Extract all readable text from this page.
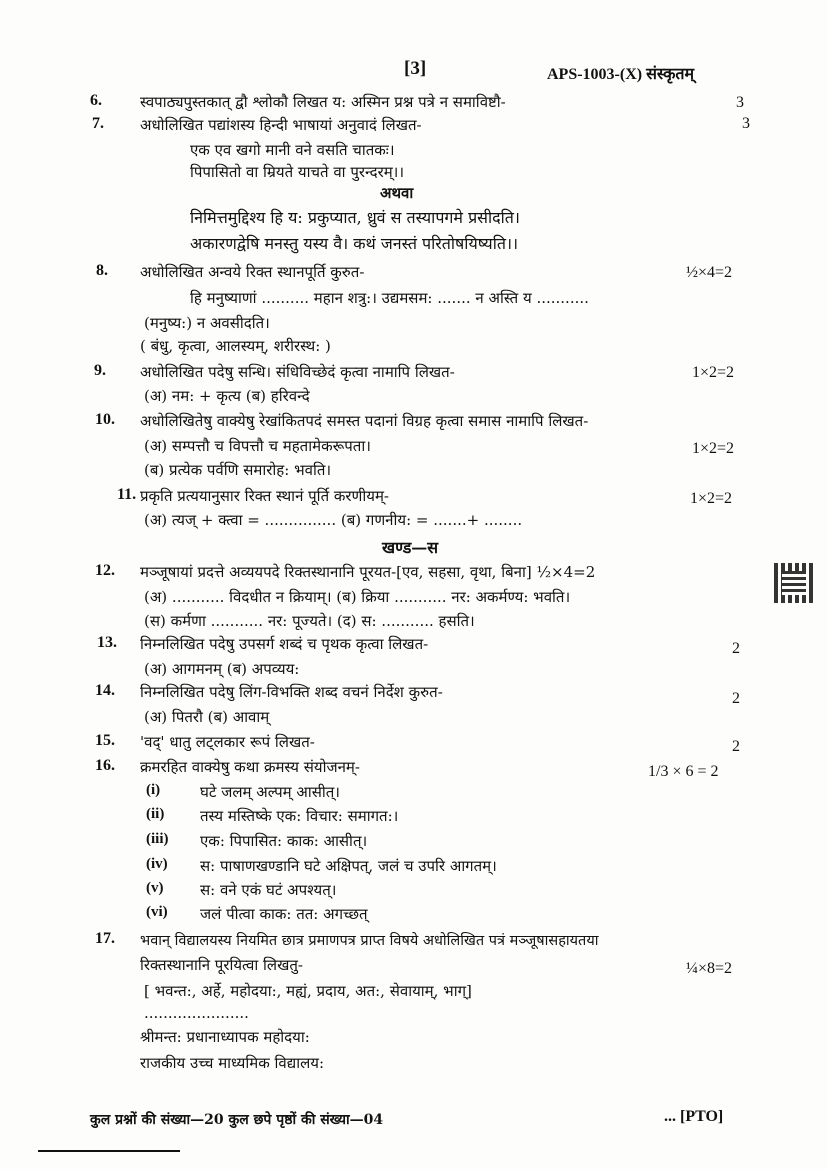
[3]	APS-1003-(X) संस्कृतम्
6.	स्वपाठ्यपुस्तकात् द्वौ श्लोकौ लिखत य: अस्मिन प्रश्न पत्रे न समाविष्टौ-	3
7. अधोलिखित पद्यांशस्य हिन्दी भाषायां अनुवादं लिखत-	3
एक एव खगो मानी वने वसति चातकः।
पिपासितो वा म्रियते याचते वा पुरन्दरम्।।
अथवा
निमित्तमुद्दिश्य हि य: प्रकुप्यात, ध्रुवं स तस्यापगमे प्रसीदति।
अकारणद्वेषि मनस्तु यस्य वै। कथं जनस्तं परितोषयिष्यति।।
8. अधोलिखित अन्वये रिक्त स्थानपूर्ति कुरुत-	½×4=2
हि मनुष्याणां .......... महान शत्रु:। उद्यमसम: ....... न अस्ति य ...........
(मनुष्य:) न अवसीदति।
( बंधु, कृत्वा, आलस्यम्, शरीरस्थ: )
9. अधोलिखित पदेषु सन्धि। संधिविच्छेदं कृत्वा नामापि लिखत-	1×2=2
(अ) नम: + कृत्य (ब) हरिवन्दे
10. अधोलिखितेषु वाक्येषु रेखांकितपदं समस्त पदानां विग्रह कृत्वा समास नामापि लिखत-
1×2=2
(अ) सम्पत्तौ च विपत्तौ च महतामेकरूपता।
(ब) प्रत्येक पर्वणि समारोह: भवति।
11. प्रकृति प्रत्ययानुसार रिक्त स्थानं पूर्ति करणीयम्-	1×2=2
(अ) त्यज् + क्त्वा = ............... (ब) गणनीय: = .......+ ........
खण्ड—स
12. मञ्जूषायां प्रदत्ते अव्ययपदे रिक्तस्थानानि पूरयत-[एव, सहसा, वृथा, बिना] ½×4=2
(अ) ........... विदधीत न क्रियाम्। (ब) क्रिया ........... नर: अकर्मण्य: भवति।
(स) कर्मणा ........... नर: पूज्यते। (द) स: ........... हसति।
13. निम्नलिखित पदेषु उपसर्ग शब्दं च पृथक कृत्वा लिखत-	2
(अ) आगमनम् (ब) अपव्यय:
14. निम्नलिखित पदेषु लिंग-विभक्ति शब्द वचनं निर्देश कुरुत-	2
(अ) पितरौ (ब) आवाम्
15. 'वद्' धातु लट्लकार रूपं लिखत-	2
16. क्रमरहित वाक्येषु कथा क्रमस्य संयोजनम्-	1/3 × 6 = 2
(i)	घटे जलम् अल्पम् आसीत्।
(ii) तस्य मस्तिष्के एक: विचार: समागत:।
(iii) एक: पिपासित: काक: आसीत्।
(iv) स: पाषाणखण्डानि घटे अक्षिपत्, जलं च उपरि आगतम्।
(v) स: वने एकं घटं अपश्यत्।
(vi) जलं पीत्वा काक: तत: अगच्छत्
17. भवान् विद्यालयस्य नियमित छात्र प्रमाणपत्र प्राप्त विषये अधोलिखित पत्रं मञ्जूषासहायतया
रिक्तस्थानानि पूरयित्वा लिखतु-	¼×8=2
[ भवन्त:, अर्हे, महोदया:, मह्यं, प्रदाय, अत:, सेवायाम्, भाग्]
......................
श्रीमन्त: प्रधानाध्यापक महोदया:
राजकीय उच्च माध्यमिक विद्यालय:
कुल प्रश्नों की संख्या—20 कुल छपे पृष्ठों की संख्या—04	... [PTO]
